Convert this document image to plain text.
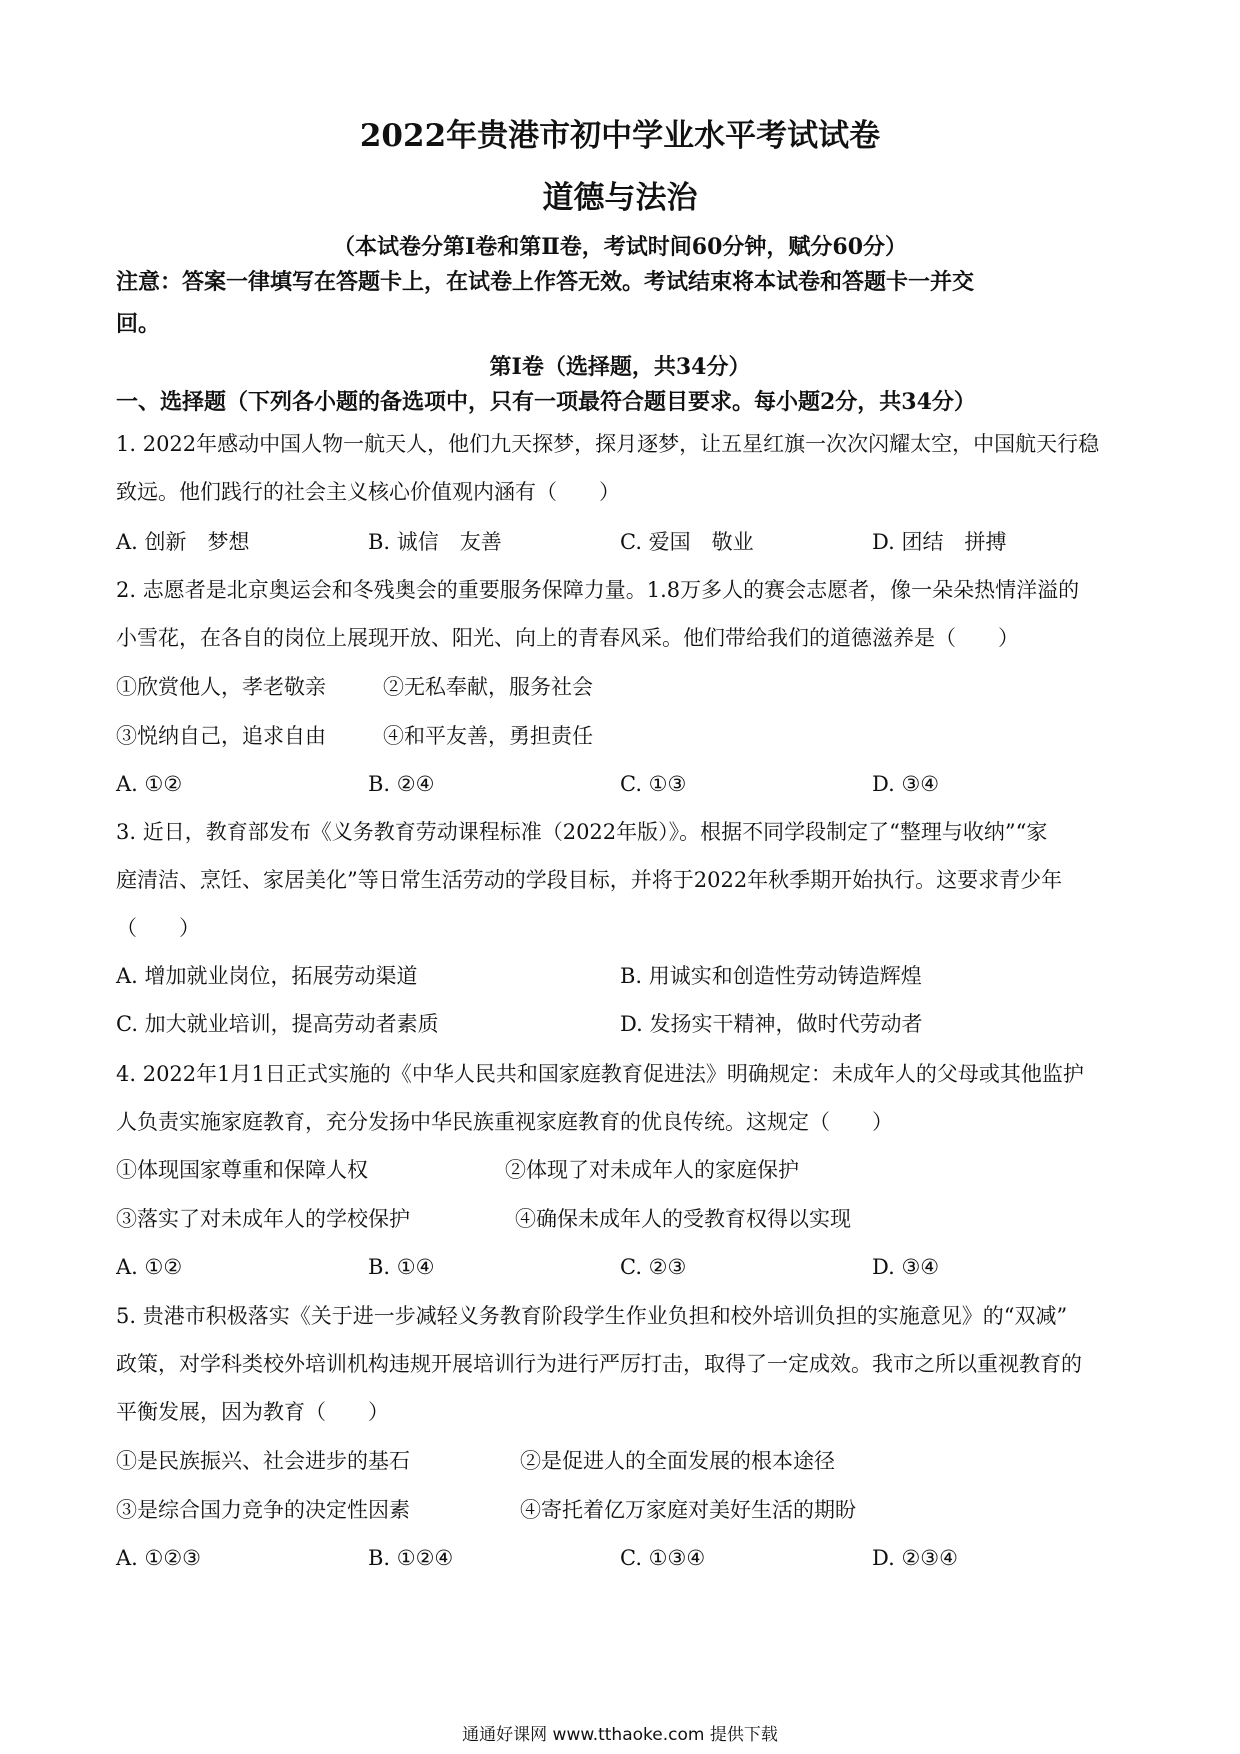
2022年贵港市初中学业水平考试试卷
道德与法治
（本试卷分第Ⅰ卷和第Ⅱ卷，考试时间60分钟，赋分60分）
注意：答案一律填写在答题卡上，在试卷上作答无效。考试结束将本试卷和答题卡一并交
回。
第Ⅰ卷（选择题，共34分）
一、选择题（下列各小题的备选项中，只有一项最符合题目要求。每小题2分，共34分）
1. 2022年感动中国人物一航天人，他们九天探梦，探月逐梦，让五星红旗一次次闪耀太空，中国航天行稳
致远。他们践行的社会主义核心价值观内涵有（　　）
A. 创新　梦想	B. 诚信　友善	C. 爱国　敬业	D. 团结　拼搏
2. 志愿者是北京奥运会和冬残奥会的重要服务保障力量。1.8万多人的赛会志愿者，像一朵朵热情洋溢的
小雪花，在各自的岗位上展现开放、阳光、向上的青春风采。他们带给我们的道德滋养是（　　）
①欣赏他人，孝老敬亲	②无私奉献，服务社会
③悦纳自己，追求自由	④和平友善，勇担责任
A. ①②	B. ②④	C. ①③	D. ③④
3. 近日，教育部发布《义务教育劳动课程标准（2022年版）》。根据不同学段制定了“整理与收纳”“家
庭清洁、烹饪、家居美化”等日常生活劳动的学段目标，并将于2022年秋季期开始执行。这要求青少年
（　　）
A. 增加就业岗位，拓展劳动渠道	B. 用诚实和创造性劳动铸造辉煌
C. 加大就业培训，提高劳动者素质	D. 发扬实干精神，做时代劳动者
4. 2022年1月1日正式实施的《中华人民共和国家庭教育促进法》明确规定：未成年人的父母或其他监护
人负责实施家庭教育，充分发扬中华民族重视家庭教育的优良传统。这规定（　　）
①体现国家尊重和保障人权	②体现了对未成年人的家庭保护
③落实了对未成年人的学校保护	④确保未成年人的受教育权得以实现
A. ①②	B. ①④	C. ②③	D. ③④
5. 贵港市积极落实《关于进一步减轻义务教育阶段学生作业负担和校外培训负担的实施意见》的“双减”
政策，对学科类校外培训机构违规开展培训行为进行严厉打击，取得了一定成效。我市之所以重视教育的
平衡发展，因为教育（　　）
①是民族振兴、社会进步的基石	②是促进人的全面发展的根本途径
③是综合国力竞争的决定性因素	④寄托着亿万家庭对美好生活的期盼
A. ①②③	B. ①②④	C. ①③④	D. ②③④
通通好课网 www.tthaoke.com 提供下载
